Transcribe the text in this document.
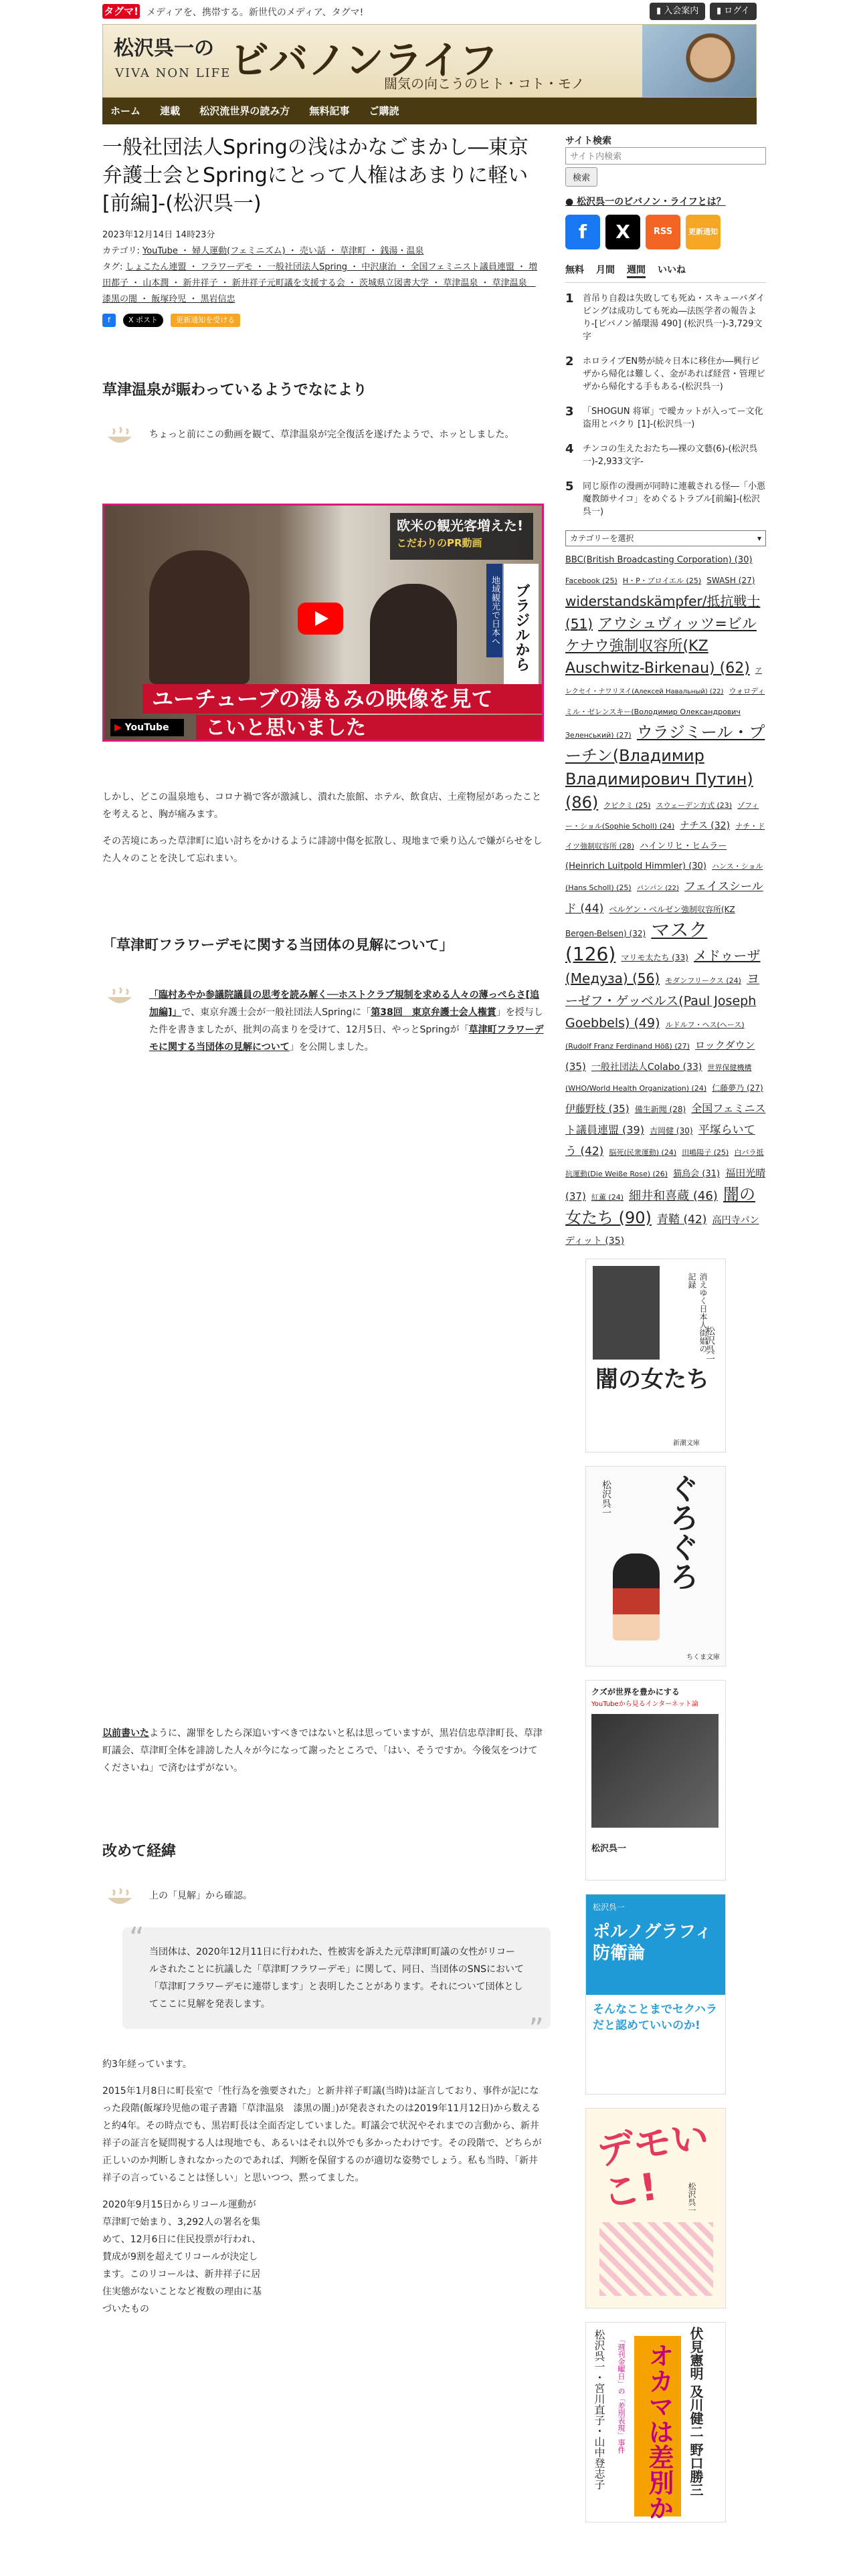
タグマ! メディアを、携帯する。新世代のメディア、タグマ!	▮ 入会案内	▮ ログイ
松沢呉一の
VIVA NON LIFE
ビバノンライフ
闊気の向こうのヒト・コト・モノ
ホーム 連載 松沢流世界の読み方 無料記事 ご購読
一般社団法人Springの浅はかなごまかし―東京弁護士会とSpringにとって人権はあまりに軽い[前編]-(松沢呉一)
2023年12月14日 14時23分
カテゴリ: YouTube ・ 婦人運動(フェミニズム) ・ 売い話 ・ 草津町 ・ 銭湯・温泉
タグ: しょこたん連盟 ・ フラワーデモ ・ 一般社団法人Spring ・ 中沢康治 ・ 全国フェミニスト議員連盟 ・ 増田都子 ・ 山本潤 ・ 新井祥子 ・ 新井祥子元町議を支援する会 ・ 茨城県立図書大学 ・ 草津温泉 ・ 草津温泉　漆黒の闇 ・ 飯塚玲児 ・ 黒岩信忠
f X ポスト 更新通知を受ける
草津温泉が賑わっているようでなにより
ちょっと前にこの動画を観て、草津温泉が完全復活を遂げたようで、ホッとしました。
欧米の観光客増えた!
こだわりのPR動画
ブラジルから
地域観光で日本へ
ユーチューブの湯もみの映像を見て
こいと思いました
▶ YouTube

しかし、どこの温泉地も、コロナ禍で客が激減し、潰れた旅館、ホテル、飲食店、土産物屋があったことを考えると、胸が痛みます。

その苦境にあった草津町に追い討ちをかけるように誹謗中傷を拡散し、現地まで乗り込んで嫌がらせをした人々のことを決して忘れまい。

「草津町フラワーデモに関する当団体の見解について」
「臨村あやか参議院議員の思考を読み解く──ホストクラブ規制を求める人々の薄っぺらさ[追加編]」で、東京弁護士会が一般社団法人Springに「第38回　東京弁護士会人権賞」を授与した件を書きましたが、批判の高まりを受けて、12月5日、やっとSpringが「草津町フラワーデモに関する当団体の見解について」を公開しました。

以前書いたように、謝罪をしたら深追いすべきではないと私は思っていますが、黒岩信忠草津町長、草津町議会、草津町全体を誹謗した人々が今になって謝ったところで、「はい、そうですか。今後気をつけてくださいね」で済むはずがない。

改めて経緯
上の「見解」から確認。
“ 当団体は、2020年12月11日に行われた、性被害を訴えた元草津町町議の女性がリコールされたことに抗議した「草津町フラワーデモ」に関して、同日、当団体のSNSにおいて「草津町フラワーデモに連帯します」と表明したことがあります。それについて団体としてここに見解を発表します。
”

約3年経っています。

2015年1月8日に町長室で「性行為を強要された」と新井祥子町議(当時)は証言しており、事件が記になった段階(飯塚玲児他の電子書籍「草津温泉　漆黒の闇」)が発表されたのは2019年11月12日)から数えると約4年。その時点でも、黒岩町長は全面否定していました。町議会で状況やそれまでの言動から、新井祥子の証言を疑問視する人は現地でも、あるいはそれ以外でも多かったわけです。その段階で、どちらが正しいのか判断しきれなかったのであれば、判断を保留するのが適切な姿勢でしょう。私も当時、「新井祥子の言っていることは怪しい」と思いつつ、黙ってました。

2020年9月15日からリコール運動が草津町で始まり、3,292人の署名を集めて、12月6日に住民投票が行われ、賛成が9割を超えてリコールが決定します。このリコールは、新井祥子に居住実態がないことなど複数の理由に基づいたもの

サイト検索
サイト内検索 検索
● 松沢呉一のビバノン・ライフとは？
f X	RSS 更新通知
無料 月間 週間 いいね
1 首吊り自殺は失敗しても死ぬ・スキューバダイビングは成功しても死ぬ―法医学者の報告より-[ビバノン循環湯 490] (松沢呉一)-3,729文字
2 ホロライブEN勢が続々日本に移住か―興行ビザから帰化は難しく、金があれば経営・管理ビザから帰化する手もある-(松沢呉一)
3 「SHOGUN 将軍」で曖カットが入ってー文化盗用とバクり [1]-(松沢呉一)
4 チンコの生えたおたち―裸の文藝(6)-(松沢呉一)-2,933文字-
5 同じ原作の漫画が同時に連載される怪―「小悪魔教師サイコ」をめぐるトラブル[前編]-(松沢呉一)
カテゴリーを選択	▾
BBC(British Broadcasting Corporation) (30) Facebook (25) H・P・ブロイエル (25) SWASH (27) widerstandskämpfer/抵抗戦士 (51) アウシュヴィッツ=ビルケナウ強制収容所(KZ Auschwitz-Birkenau) (62) アレクセイ・ナワリヌイ(Алексей Навальный) (22) ウォロディミル・ゼレンスキー(Володимир Олександрович Зеленський) (27) ウラジミール・プーチン(Владимир Владимирович Путин) (86) クビクミ (25) スウェーデン方式 (23) ゾフィー・ショル(Sophie Scholl) (24) ナチス (32) ナチ・ドイツ強制収容所 (28) ハインリヒ・ヒムラー(Heinrich Luitpold Himmler) (30) ハンス・ショル(Hans Scholl) (25) パンパン (22) フェイスシールド (44) ベルゲン・ベルゼン強制収容所(KZ Bergen-Belsen) (32) マスク (126) マリモ太たち (33) メドゥーザ(Медуза) (56) モダンフリークス (24) ヨーゼフ・ゲッベルス(Paul Joseph Goebbels) (49) ルドルフ・ヘス(ヘース) (Rudolf Franz Ferdinand Höß) (27) ロックダウン (35) 一般社団法人Colabo (33) 世界保健機構(WHO/World Health Organization) (24) 仁藤夢乃 (27) 伊藤野枝 (35) 備生新聞 (28) 全国フェミニスト議員連盟 (39) 吉岡健 (30) 平塚らいてう (42) 脳死(民衆運動) (24) 田嶋陽子 (25) 白バラ抵抗運動(Die Weiße Rose) (26) 猫鳥会 (31) 福田光晴 (37) 紅薫 (24) 細井和喜蔵 (46) 闇の女たち (90) 青鞜 (42) 高円寺パンディット (35)
闇の女たち
消えゆく日本人街娼の記録
松沢呉一
新潮文庫
ぐろぐろ
松沢呉一
ちくま文庫
クズが世界を豊かにする
YouTubeから見るインターネット論
松沢呉一
ポルノグラフィ防衛論
そんなことまでセクハラだと認めていいのか!
松沢呉一
デモいこ!	松沢呉一
伏見憲明 及川健二 野口勝三
オカマは差別か
「週刊金曜日」の「差別表現」事件
松沢呉一・宮川直子・山中登志子
